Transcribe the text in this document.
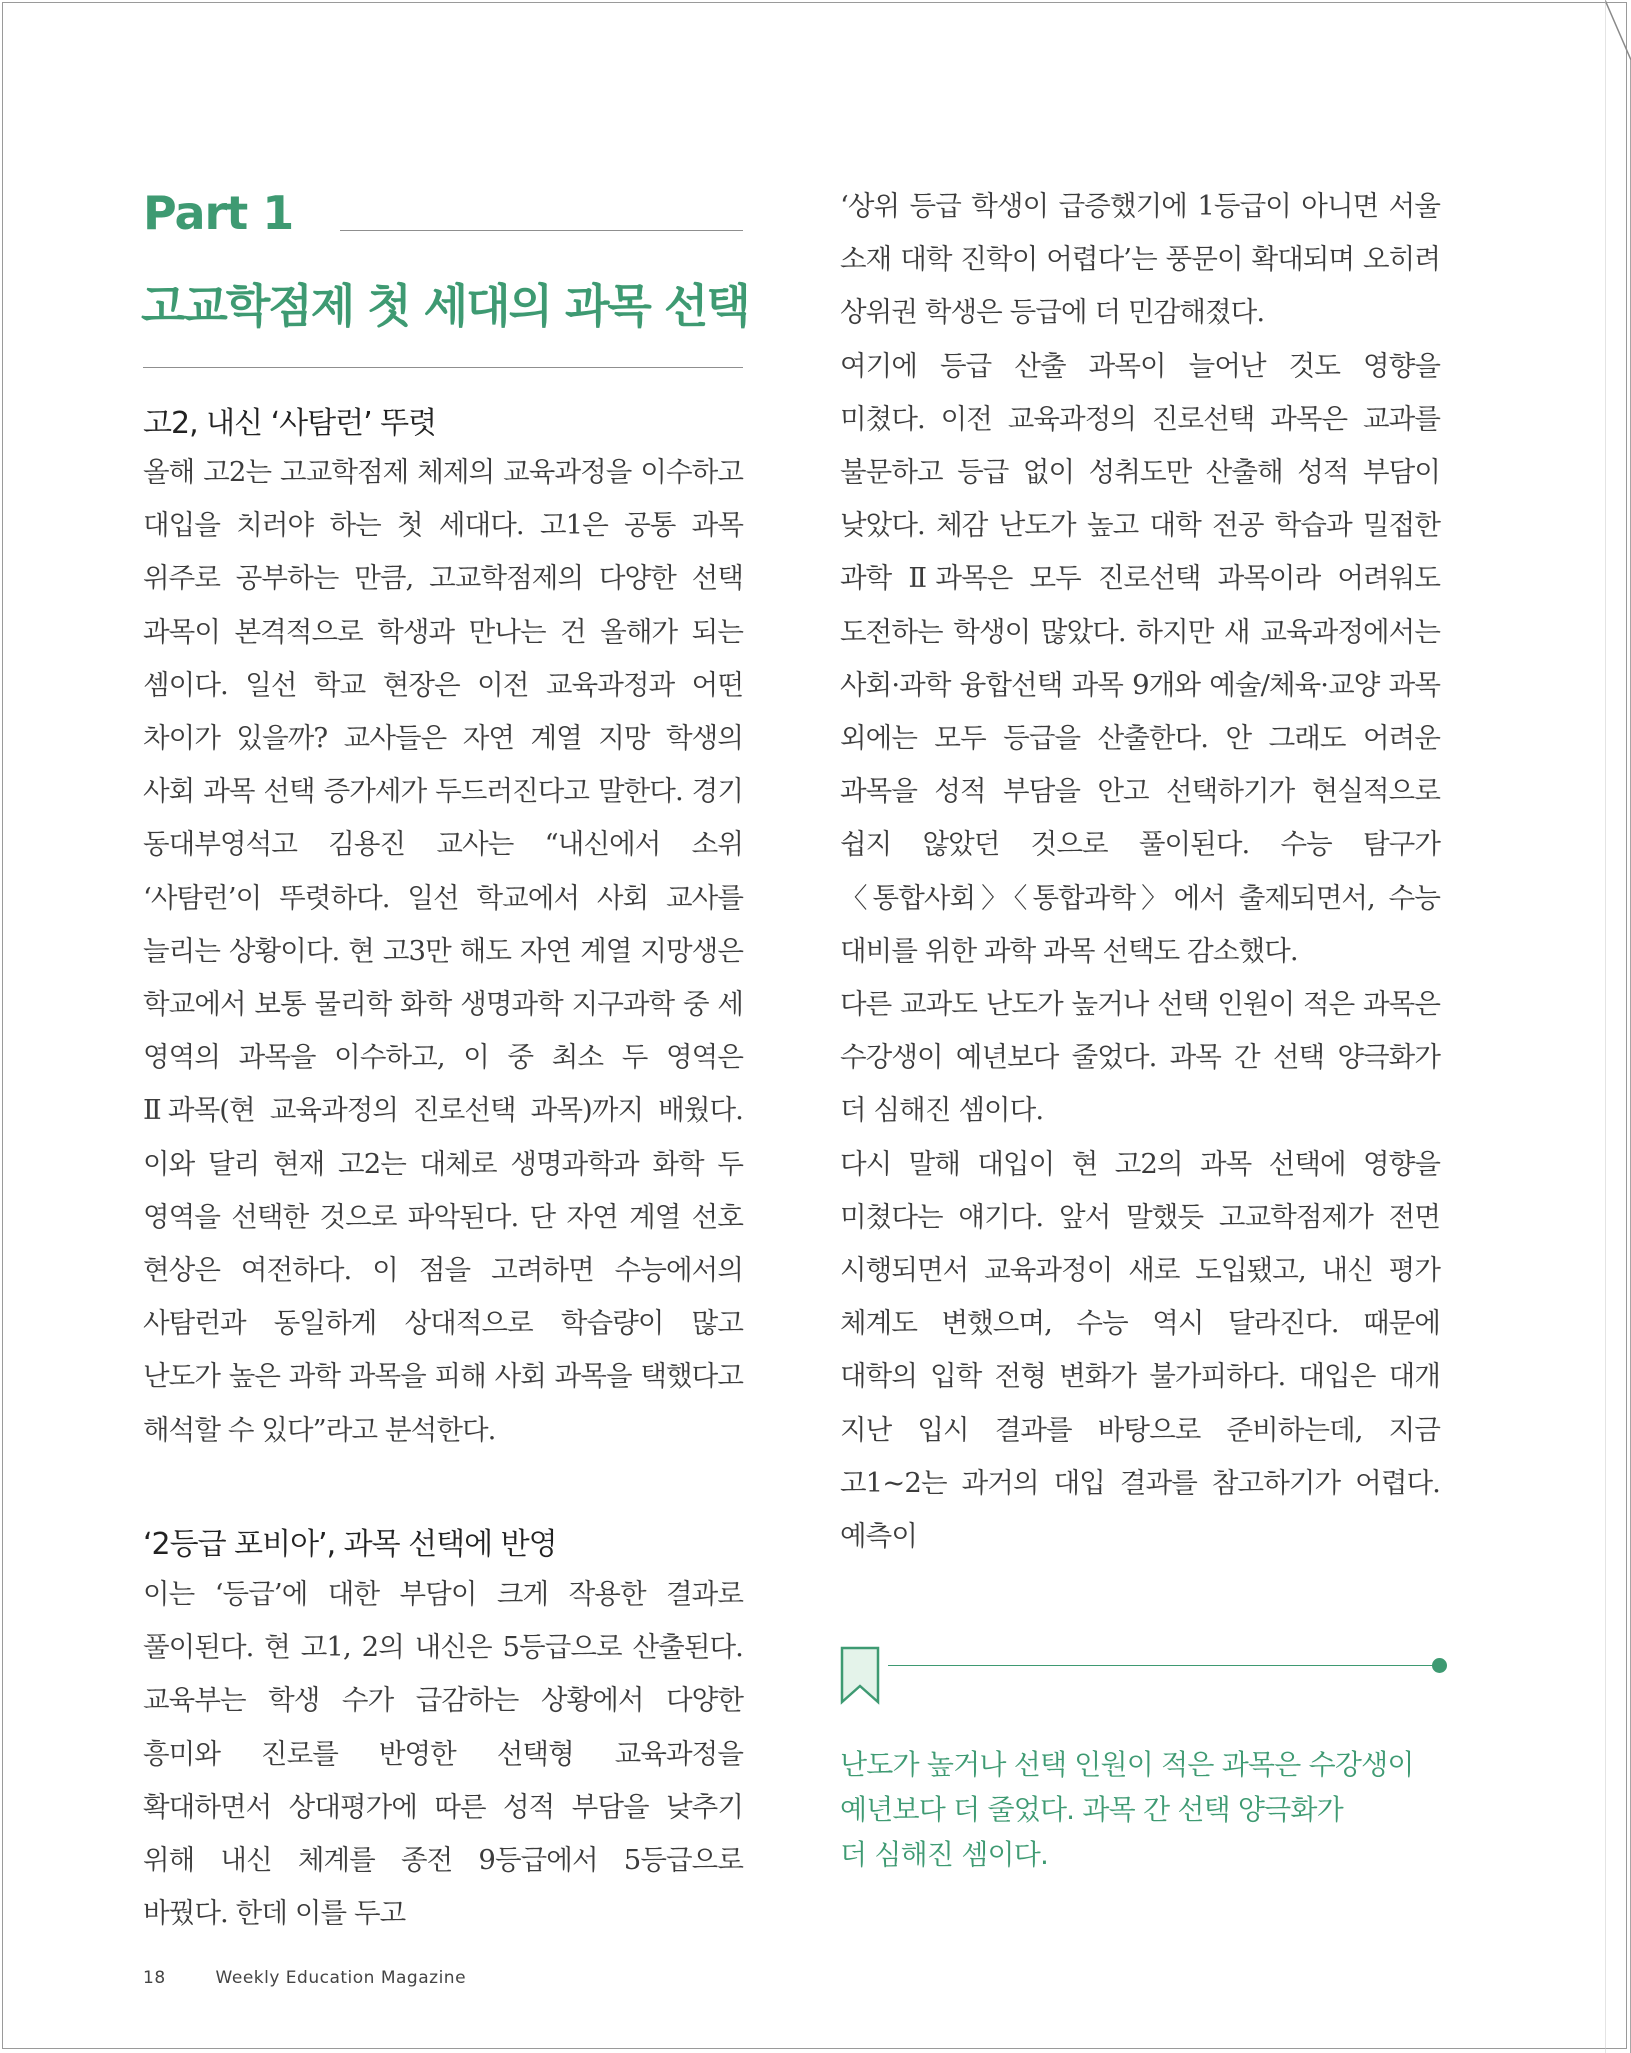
Part 1
고교학점제 첫 세대의 과목 선택
고2, 내신 ‘사탐런’ 뚜렷

올해 고2는 고교학점제 체제의 교육과정을 이수하고 대입을 치러야 하는 첫 세대다. 고1은 공통 과목 위주로 공부하는 만큼, 고교학점제의 다양한 선택 과목이 본격적으로 학생과 만나는 건 올해가 되는 셈이다. 일선 학교 현장은 이전 교육과정과 어떤 차이가 있을까? 교사들은 자연 계열 지망 학생의 사회 과목 선택 증가세가 두드러진다고 말한다. 경기 동대부영석고 김용진 교사는 “내신에서 소위 ‘사탐런’이 뚜렷하다. 일선 학교에서 사회 교사를 늘리는 상황이다. 현 고3만 해도 자연 계열 지망생은 학교에서 보통 물리학 화학 생명과학 지구과학 중 세 영역의 과목을 이수하고, 이 중 최소 두 영역은 Ⅱ과목(현 교육과정의 진로선택 과목)까지 배웠다. 이와 달리 현재 고2는 대체로 생명과학과 화학 두 영역을 선택한 것으로 파악된다. 단 자연 계열 선호 현상은 여전하다. 이 점을 고려하면 수능에서의 사탐런과 동일하게 상대적으로 학습량이 많고 난도가 높은 과학 과목을 피해 사회 과목을 택했다고 해석할 수 있다”라고 분석한다.

‘2등급 포비아’, 과목 선택에 반영

이는 ‘등급’에 대한 부담이 크게 작용한 결과로 풀이된다. 현 고1, 2의 내신은 5등급으로 산출된다. 교육부는 학생 수가 급감하는 상황에서 다양한 흥미와 진로를 반영한 선택형 교육과정을 확대하면서 상대평가에 따른 성적 부담을 낮추기 위해 내신 체계를 종전 9등급에서 5등급으로 바꿨다. 한데 이를 두고

‘상위 등급 학생이 급증했기에 1등급이 아니면 서울 소재 대학 진학이 어렵다’는 풍문이 확대되며 오히려 상위권 학생은 등급에 더 민감해졌다.

여기에 등급 산출 과목이 늘어난 것도 영향을 미쳤다. 이전 교육과정의 진로선택 과목은 교과를 불문하고 등급 없이 성취도만 산출해 성적 부담이 낮았다. 체감 난도가 높고 대학 전공 학습과 밀접한 과학 Ⅱ과목은 모두 진로선택 과목이라 어려워도 도전하는 학생이 많았다. 하지만 새 교육과정에서는 사회·과학 융합선택 과목 9개와 예술/체육·교양 과목 외에는 모두 등급을 산출한다. 안 그래도 어려운 과목을 성적 부담을 안고 선택하기가 현실적으로 쉽지 않았던 것으로 풀이된다. 수능 탐구가 〈통합사회〉〈통합과학〉에서 출제되면서, 수능 대비를 위한 과학 과목 선택도 감소했다.

다른 교과도 난도가 높거나 선택 인원이 적은 과목은 수강생이 예년보다 줄었다. 과목 간 선택 양극화가 더 심해진 셈이다.

다시 말해 대입이 현 고2의 과목 선택에 영향을 미쳤다는 얘기다. 앞서 말했듯 고교학점제가 전면 시행되면서 교육과정이 새로 도입됐고, 내신 평가 체계도 변했으며, 수능 역시 달라진다. 때문에 대학의 입학 전형 변화가 불가피하다. 대입은 대개 지난 입시 결과를 바탕으로 준비하는데, 지금 고1~2는 과거의 대입 결과를 참고하기가 어렵다. 예측이

난도가 높거나 선택 인원이 적은 과목은 수강생이
예년보다 더 줄었다. 과목 간 선택 양극화가
더 심해진 셈이다.
18	Weekly Education Magazine
